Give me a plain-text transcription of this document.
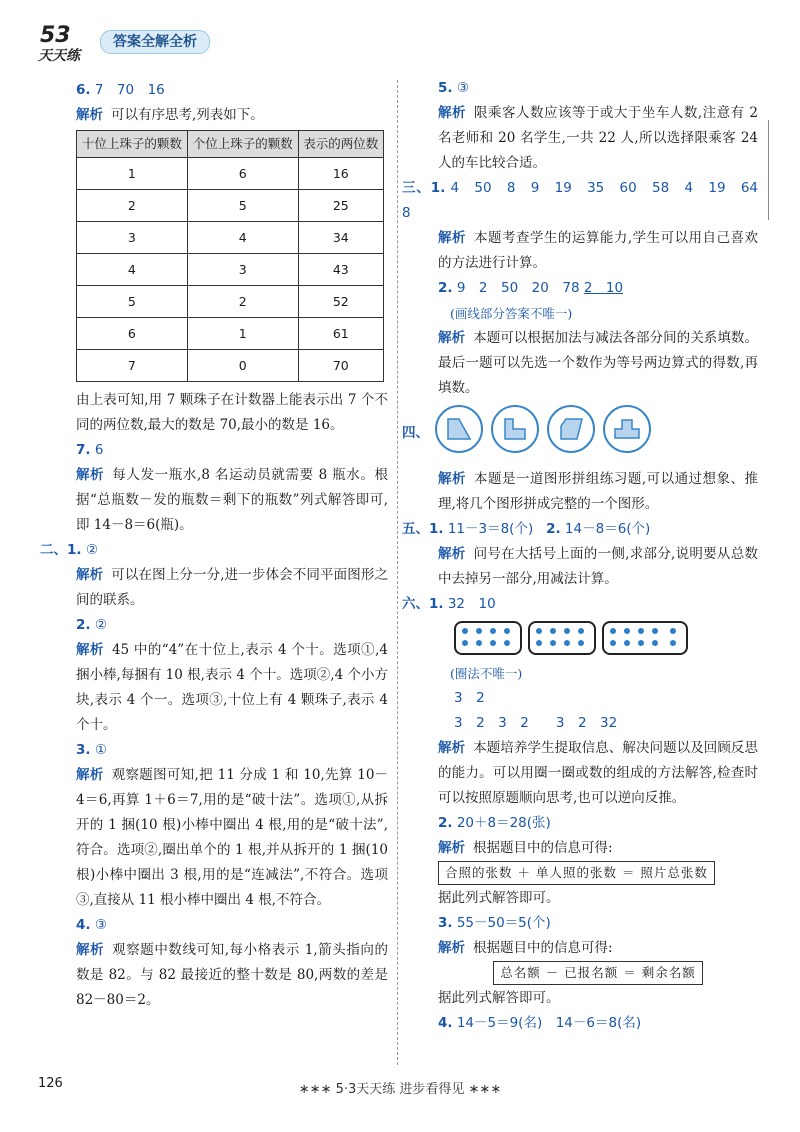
53
天天练
答案全解全析

6. 7　70　16

解析 可以有序思考,列表如下。

十位上珠子的颗数	个位上珠子的颗数	表示的两位数
1	6	16
2	5	25
3	4	34
4	3	43
5	2	52
6	1	61
7	0	70

由上表可知,用 7 颗珠子在计数器上能表示出 7 个不同的两位数,最大的数是 70,最小的数是 16。

7. 6

解析 每人发一瓶水,8 名运动员就需要 8 瓶水。根据“总瓶数－发的瓶数＝剩下的瓶数”列式解答即可,即 14－8＝6(瓶)。

二、1. ②

解析 可以在图上分一分,进一步体会不同平面图形之间的联系。

2. ②

解析 45 中的“4”在十位上,表示 4 个十。选项①,4 捆小棒,每捆有 10 根,表示 4 个十。选项②,4 个小方块,表示 4 个一。选项③,十位上有 4 颗珠子,表示 4 个十。

3. ①

解析 观察题图可知,把 11 分成 1 和 10,先算 10－4＝6,再算 1＋6＝7,用的是“破十法”。选项①,从拆开的 1 捆(10 根)小棒中圈出 4 根,用的是“破十法”,符合。选项②,圈出单个的 1 根,并从拆开的 1 捆(10 根)小棒中圈出 3 根,用的是“连减法”,不符合。选项③,直接从 11 根小棒中圈出 4 根,不符合。

4. ③

解析 观察题中数线可知,每小格表示 1,箭头指向的数是 82。与 82 最接近的整十数是 80,两数的差是 82－80＝2。

5. ③

解析 限乘客人数应该等于或大于坐车人数,注意有 2 名老师和 20 名学生,一共 22 人,所以选择限乘客 24 人的车比较合适。

三、1. 4　50　8　9　19　35　60　58　4　19　64　8

解析 本题考查学生的运算能力,学生可以用自己喜欢的方法进行计算。

2. 9　2　50　20　78 2　10

(画线部分答案不唯一)

解析 本题可以根据加法与减法各部分间的关系填数。最后一题可以先选一个数作为等号两边算式的得数,再填数。

四、

解析 本题是一道图形拼组练习题,可以通过想象、推理,将几个图形拼成完整的一个图形。

五、1. 11－3＝8(个) 2. 14－8＝6(个)

解析 问号在大括号上面的一侧,求部分,说明要从总数中去掉另一部分,用减法计算。

六、1. 32　10

(圈法不唯一)

3　2

3　2　3　2　　3　2　32

解析 本题培养学生提取信息、解决问题以及回顾反思的能力。可以用圈一圈或数的组成的方法解答,检查时可以按照原题顺向思考,也可以逆向反推。

2. 20＋8＝28(张)

解析 根据题目中的信息可得:

合照的张数 ＋ 单人照的张数 ＝ 照片总张数

据此列式解答即可。

3. 55－50＝5(个)

解析 根据题目中的信息可得:

总名额 － 已报名额 ＝ 剩余名额

据此列式解答即可。

4. 14－5＝9(名)　14－6＝8(名)

126	∗∗∗ 5·3天天练 进步看得见 ∗∗∗
